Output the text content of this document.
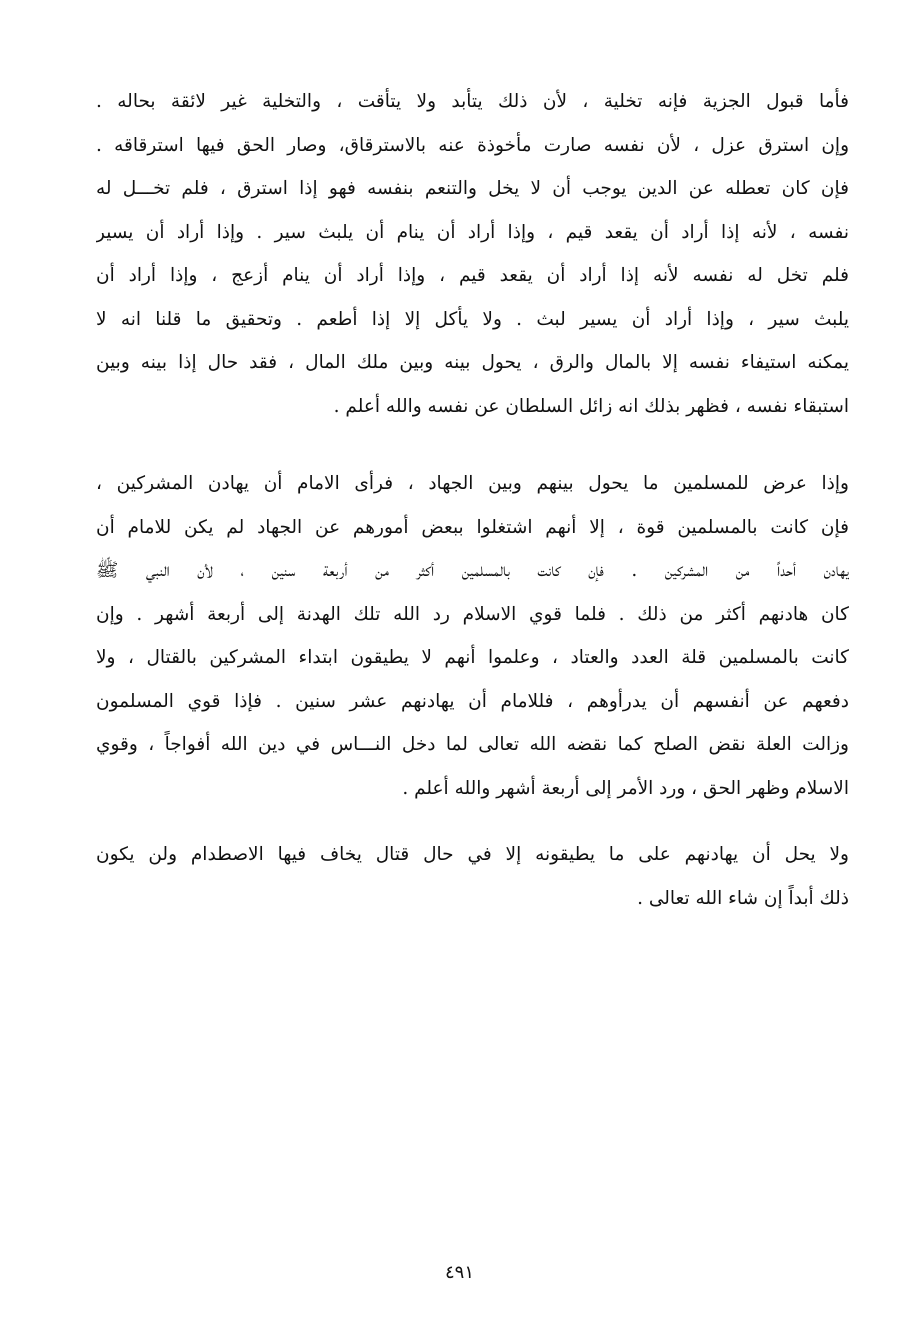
فأما قبول الجزية فإنه تخلية ، لأن ذلك يتأبد ولا يتأقت ، والتخلية غير لائقة بحاله .
وإن استرق عزل ، لأن نفسه صارت مأخوذة عنه بالاسترقاق، وصار الحق فيها استرقاقه .
فإن كان تعطله عن الدين يوجب أن لا يخل والتنعم بنفسه فهو إذا استرق ، فلم تخـــل له
نفسه ، لأنه إذا أراد أن يقعد قيم ، وإذا أراد أن ينام أن يلبث سير . وإذا أراد أن يسير
فلم تخل له نفسه لأنه إذا أراد أن يقعد قيم ، وإذا أراد أن ينام أزعج ، وإذا أراد أن
يلبث سير ، وإذا أراد أن يسير لبث . ولا يأكل إلا إذا أطعم . وتحقيق ما قلنا انه لا
يمكنه استيفاء نفسه إلا بالمال والرق ، يحول بينه وبين ملك المال ، فقد حال إذا بينه وبين
استبقاء نفسه ، فظهر بذلك انه زائل السلطان عن نفسه والله أعلم .
وإذا عرض للمسلمين ما يحول بينهم وبين الجهاد ، فرأى الامام أن يهادن المشركين ،
فإن كانت بالمسلمين قوة ، إلا أنهم اشتغلوا ببعض أمورهم عن الجهاد لم يكن للامام أن
يهادن أحداً من المشركين . فإن كانت بالمسلمين أكثر من أربعة سنين ، لأن النبي ﷺ
كان هادنهم أكثر من ذلك . فلما قوي الاسلام رد الله تلك الهدنة إلى أربعة أشهر . وإن
كانت بالمسلمين قلة العدد والعتاد ، وعلموا أنهم لا يطيقون ابتداء المشركين بالقتال ، ولا
دفعهم عن أنفسهم أن يدرأوهم ، فللامام أن يهادنهم عشر سنين . فإذا قوي المسلمون
وزالت العلة نقض الصلح كما نقضه الله تعالى لما دخل النـــاس في دين الله أفواجاً ، وقوي
الاسلام وظهر الحق ، ورد الأمر إلى أربعة أشهر والله أعلم .
ولا يحل أن يهادنهم على ما يطيقونه إلا في حال قتال يخاف فيها الاصطدام ولن يكون
ذلك أبداً إن شاء الله تعالى .
٤٩١
